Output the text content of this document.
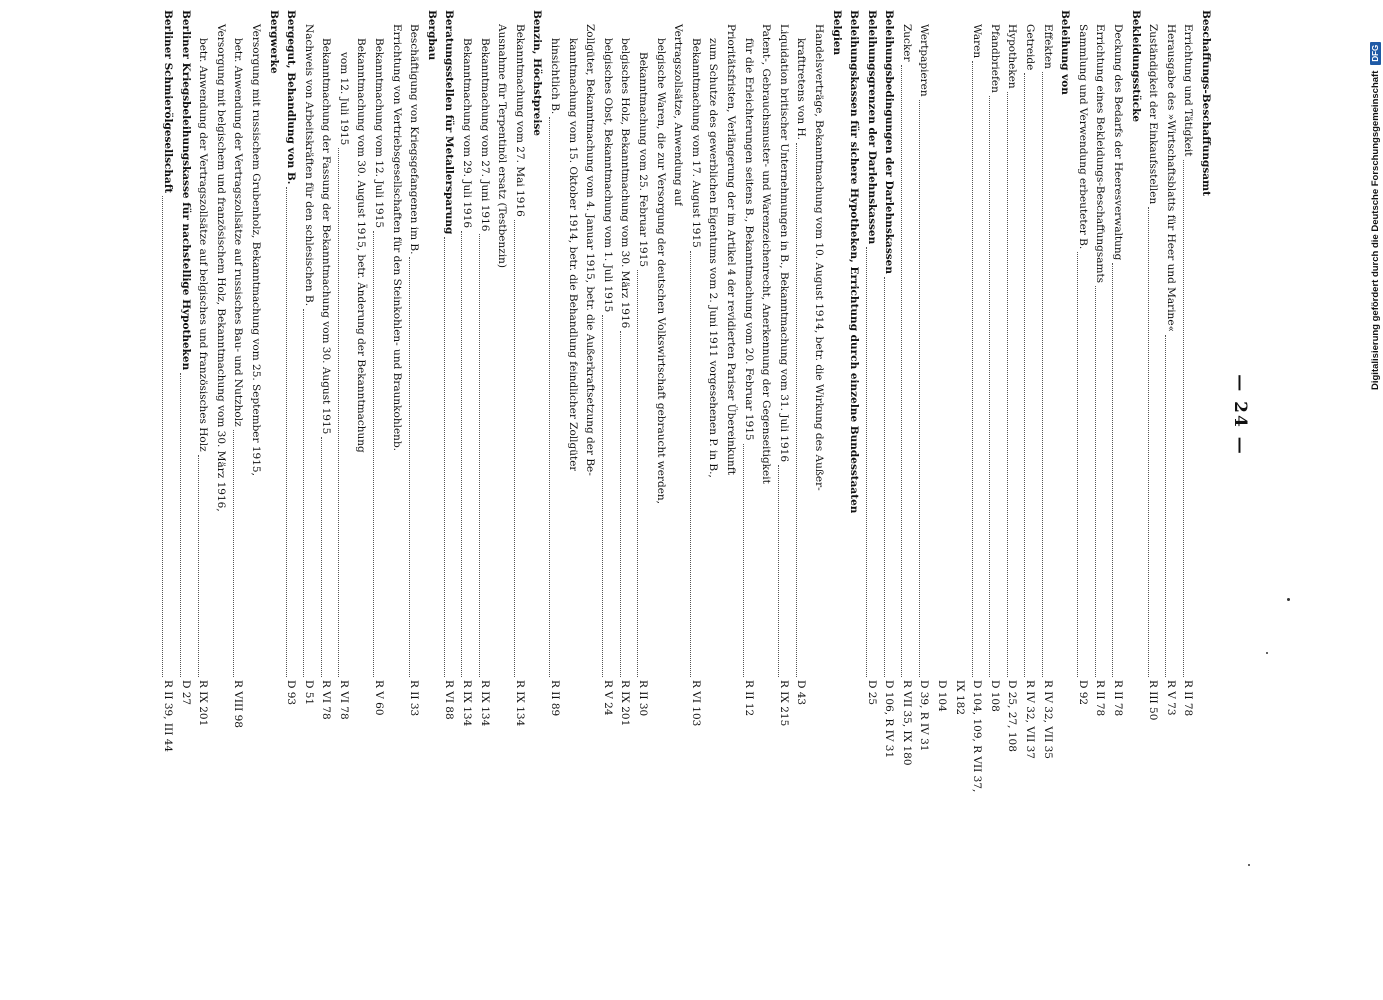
— 24 —
Beschaffungs-Beschaffungsamt
Errichtung und Tätigkeit
R II 78
Herausgabe des »Wirtschaftsblatts für Heer und Marine«
R V 73
Zuständigkeit der Einkaufsstellen
R III 50
Bekleidungsstücke
Deckung des Bedarfs der Heeresverwaltung
R II 78
Errichtung eines Bekleidungs-Beschaffungsamts
R II 78
Sammlung und Verwendung erbeuteter B.
D 92
Beleihung von
Effekten
R IV 32, VII 35
Getreide
R IV 32, VII 37
Hypotheken
D 25, 27, 108
Pfandbriefen
D 108
Waren
D 104, 109, R VII 37,
IX 182
D 104
Wertpapieren
D 39, R IV 31
Zucker
R VII 35, IX 180
Beleihungsbedingungen der Darlehnskassen
D 106, R IV 31
Beleihungsgrenzen der Darlehnskassen
D 25
Beleihungskassen für sichere Hypotheken, Errichtung durch einzelne Bundesstaaten
Belgien
Handelsverträge, Bekanntmachung vom 10. August 1914, betr. die Wirkung des Außer-
krafttretens von H.
D 43
Liquidation britischer Unternehmungen in B., Bekanntmachung vom 31. Juli 1916
R IX 215
Patent-, Gebrauchsmuster- und Warenzeichenrecht, Anerkennung der Gegenseitigkeit
für die Erleichterungen seitens B., Bekanntmachung vom 20. Februar 1915
R II 12
Prioritätsfristen, Verlängerung der im Artikel 4 der revidierten Pariser Übereinkunft
zum Schutze des gewerblichen Eigentums vom 2. Juni 1911 vorgesehenen P. in B.,
Bekanntmachung vom 17. August 1915
R VI 103
Vertragszollsätze, Anwendung auf
belgische Waren, die zur Versorgung der deutschen Volkswirtschaft gebraucht werden,
Bekanntmachung vom 25. Februar 1915
R II 30
belgisches Holz, Bekanntmachung vom 30. März 1916
R IX 201
belgisches Obst, Bekanntmachung vom 1. Juli 1915
R V 24
Zollgüter, Bekanntmachung vom 4. Januar 1915, betr. die Außerkraftsetzung der Be-
kanntmachung vom 15. Oktober 1914, betr. die Behandlung feindlicher Zollgüter
hinsichtlich B.
R II 89
Benzin, Höchstpreise
Bekanntmachung vom 27. Mai 1916
R IX 134
Ausnahme für Terpentinöl ersatz (Testbenzin)
Bekanntmachung vom 27. Juni 1916
R IX 134
Bekanntmachung vom 29. Juli 1916
R IX 134
Beratungsstellen für Metallersparung
R VI 88
Bergbau
Beschäftigung von Kriegsgefangenen im B.
R II 33
Errichtung von Vertriebsgesellschaften für den Steinkohlen- und Braunkohlenb.
Bekanntmachung vom 12. Juli 1915
R V 60
Bekanntmachung vom 30. August 1915, betr. Änderung der Bekanntmachung
vom 12. Juli 1915
R VI 78
Bekanntmachung der Fassung der Bekanntmachung vom 30. August 1915
R VI 78
Nachweis von Arbeitskräften für den schlesischen B.
D 51
Bergegut, Behandlung von B.
D 93
Bergwerke
Versorgung mit russischem Grubenholz, Bekanntmachung vom 25. September 1915,
betr. Anwendung der Vertragszollsätze auf russisches Bau- und Nutzholz
R VIII 98
Versorgung mit belgischem und französischem Holz, Bekanntmachung vom 30. März 1916,
betr. Anwendung der Vertragszollsätze auf belgisches und französisches Holz
R IX 201
Berliner Kriegsbeleihungskasse für nachstellige Hypotheken
D 27
Berliner Schmierölgesellschaft
R II 39, III 44
Digitalisierung gefördert durch die Deutsche Forschungsgemeinschaft
DFG
